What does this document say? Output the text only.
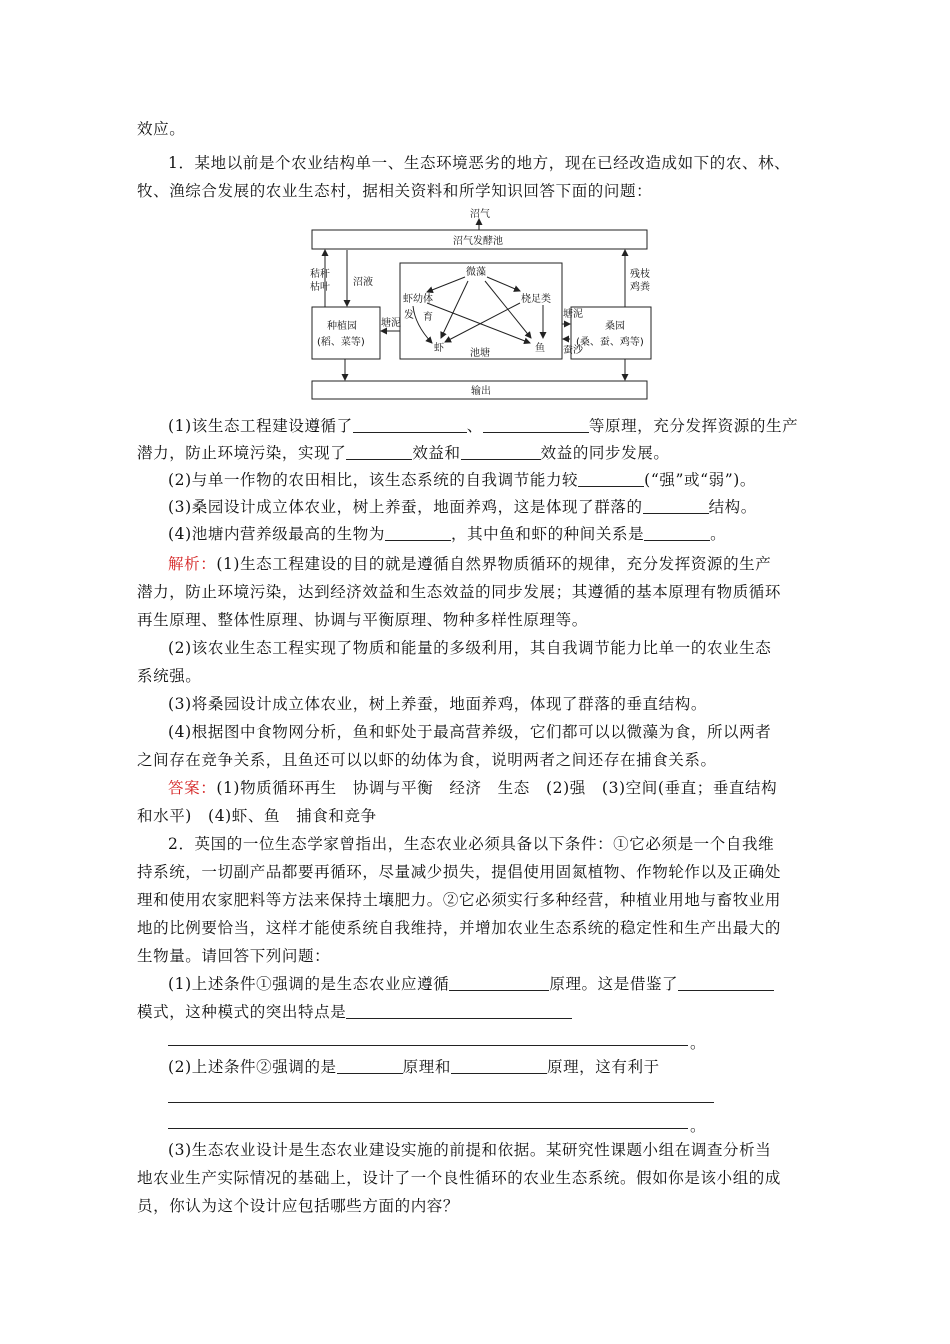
效应。
1．某地以前是个农业结构单一、生态环境恶劣的地方，现在已经改造成如下的农、林、
牧、渔综合发展的农业生态村，据相关资料和所学知识回答下面的问题：
沼气
沼气发酵池
秸秆
枯叶 沼液
残枝
鸡粪
种植园
(稻、菜等)
桑园
(桑、蚕、鸡等)
塘泥
塘泥
蚕沙
微藻
虾幼体	桡足类
发 育
虾	鱼
池塘
输出
(1)该生态工程建设遵循了	、	等原理，充分发挥资源的生产
潜力，防止环境污染，实现了	效益和	效益的同步发展。
(2)与单一作物的农田相比，该生态系统的自我调节能力较	(“强”或“弱”)。
(3)桑园设计成立体农业，树上养蚕，地面养鸡，这是体现了群落的	结构。
(4)池塘内营养级最高的生物为	，其中鱼和虾的种间关系是	。
解析：(1)生态工程建设的目的就是遵循自然界物质循环的规律，充分发挥资源的生产
潜力，防止环境污染，达到经济效益和生态效益的同步发展；其遵循的基本原理有物质循环
再生原理、整体性原理、协调与平衡原理、物种多样性原理等。
(2)该农业生态工程实现了物质和能量的多级利用，其自我调节能力比单一的农业生态
系统强。
(3)将桑园设计成立体农业，树上养蚕，地面养鸡，体现了群落的垂直结构。
(4)根据图中食物网分析，鱼和虾处于最高营养级，它们都可以以微藻为食，所以两者
之间存在竞争关系，且鱼还可以以虾的幼体为食，说明两者之间还存在捕食关系。
答案：(1)物质循环再生　协调与平衡　经济　生态　(2)强　(3)空间(垂直；垂直结构
和水平)　(4)虾、鱼　捕食和竞争
2．英国的一位生态学家曾指出，生态农业必须具备以下条件：①它必须是一个自我维
持系统，一切副产品都要再循环，尽量减少损失，提倡使用固氮植物、作物轮作以及正确处
理和使用农家肥料等方法来保持土壤肥力。②它必须实行多种经营，种植业用地与畜牧业用
地的比例要恰当，这样才能使系统自我维持，并增加农业生态系统的稳定性和生产出最大的
生物量。请回答下列问题：
(1)上述条件①强调的是生态农业应遵循	原理。这是借鉴了
模式，这种模式的突出特点是
。
(2)上述条件②强调的是	原理和	原理，这有利于
。
(3)生态农业设计是生态农业建设实施的前提和依据。某研究性课题小组在调查分析当
地农业生产实际情况的基础上，设计了一个良性循环的农业生态系统。假如你是该小组的成
员，你认为这个设计应包括哪些方面的内容？
